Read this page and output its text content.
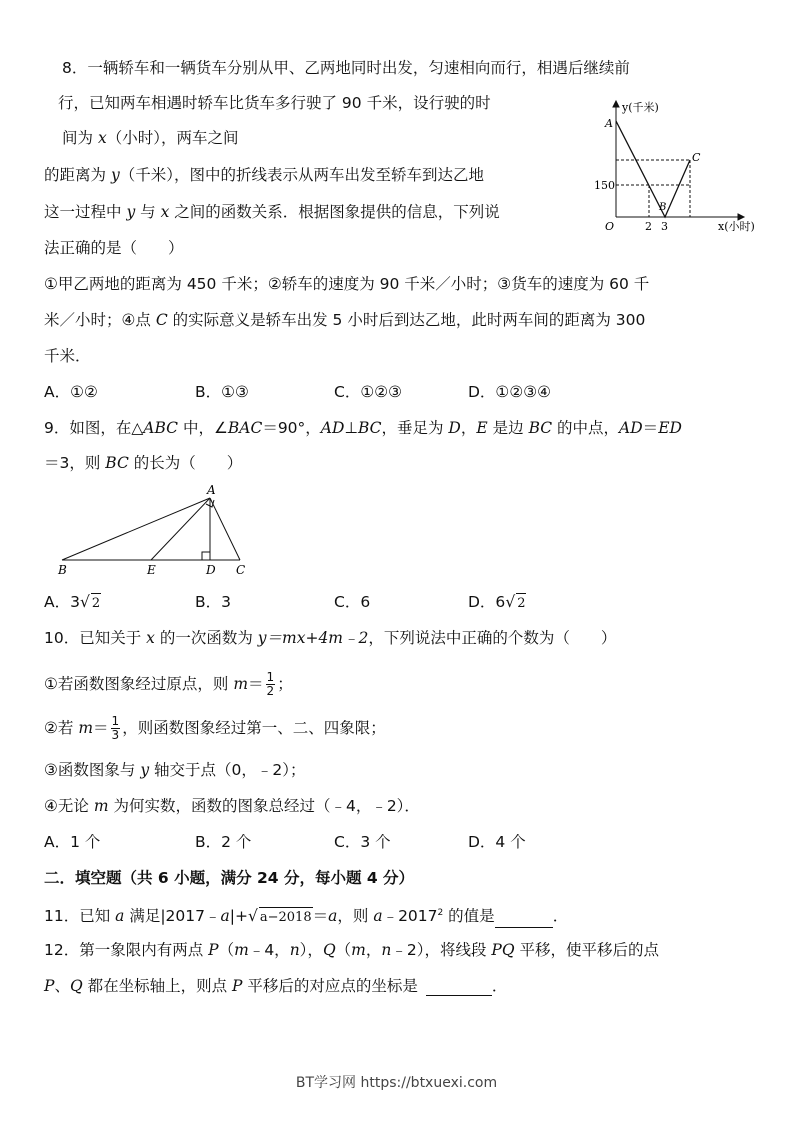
8．一辆轿车和一辆货车分别从甲、乙两地同时出发，匀速相向而行，相遇后继续前
行，已知两车相遇时轿车比货车多行驶了 90 千米，设行驶的时
间为 x（小时），两车之间
的距离为 y（千米），图中的折线表示从两车出发至轿车到达乙地
这一过程中 y 与 x 之间的函数关系．根据图象提供的信息，下列说
法正确的是（　　）
y(千米)
A
150
C
B
O	2 3	x(小时)
①甲乙两地的距离为 450 千米；②轿车的速度为 90 千米／小时；③货车的速度为 60 千
米／小时；④点 C 的实际意义是轿车出发 5 小时后到达乙地，此时两车间的距离为 300
千米．
A．①②	B．①③	C．①②③	D．①②③④
9．如图，在△ABC 中，∠BAC＝90°，AD⊥BC，垂足为 D，E 是边 BC 的中点，AD＝ED
＝3，则 BC 的长为（　　）
A
B	E	D C
A．3√ 2	B．3	C．6	D．6√ 2
10．已知关于 x 的一次函数为 y＝mx+4m﹣2，下列说法中正确的个数为（　　）
①若函数图象经过原点，则 $m= \frac{1}{2}$ ；
②若 $m= \frac{1}{3}$ ，则函数图象经过第一、二、四象限；
③函数图象与 y 轴交于点（0，﹣2）；
④无论 m 为何实数，函数的图象总经过（﹣4，﹣2）．
A．1 个	B．2 个	C．3 个	D．4 个
二．填空题（共 6 小题，满分 24 分，每小题 4 分）
11．已知 a 满足|2017﹣a|+√ a−2018＝a，则 a﹣2017$^2$ 的值是	．
12．第一象限内有两点 P（m﹣4，n），Q（m，n﹣2），将线段 PQ 平移，使平移后的点
P、Q 都在坐标轴上，则点 P 平移后的对应点的坐标是	．
BT学习网 https://btxuexi.com
